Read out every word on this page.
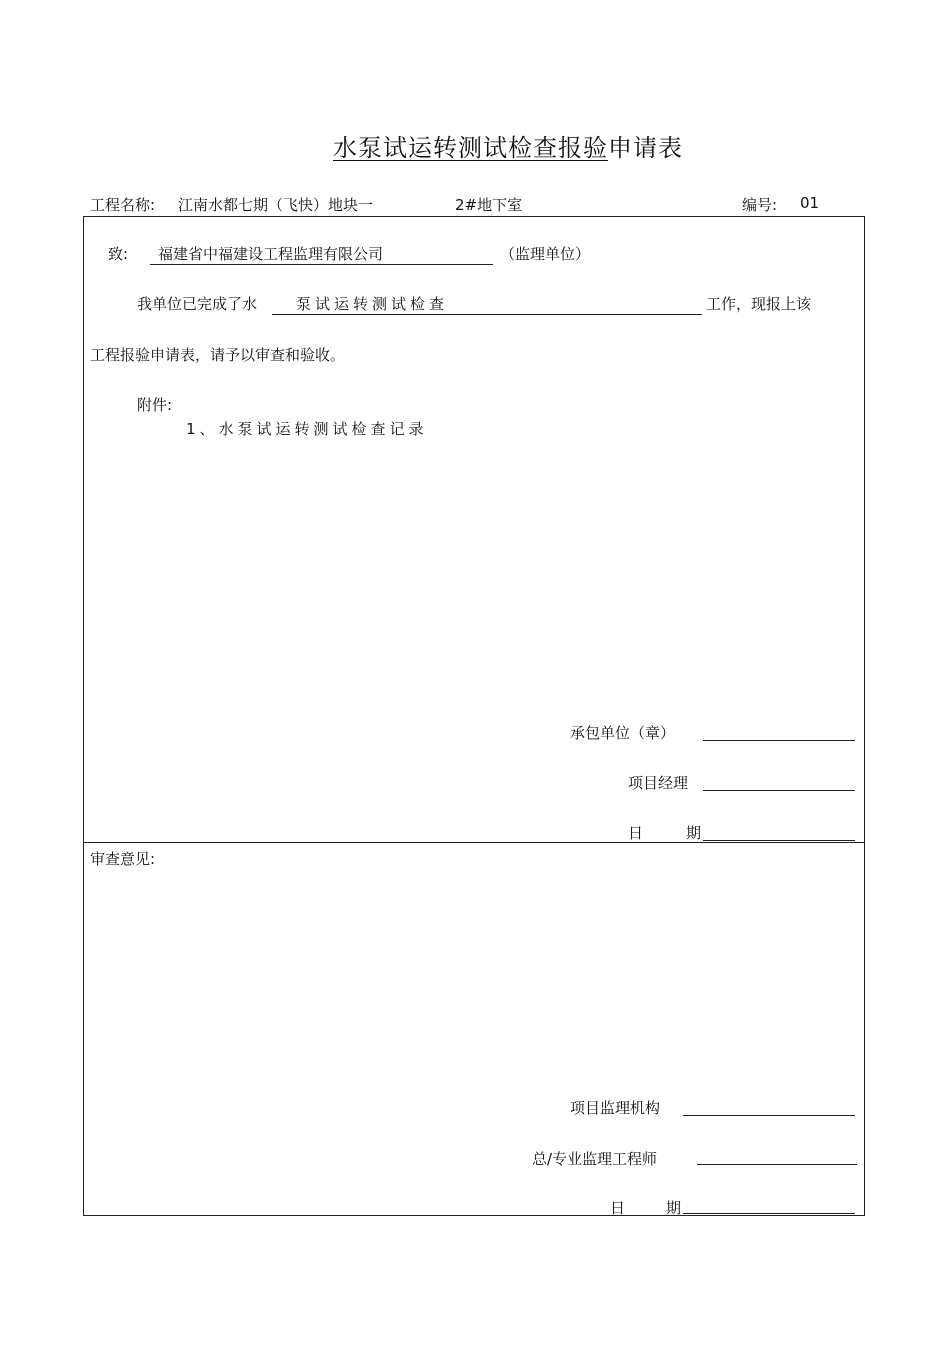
水泵试运转测试检查报验申请表
工程名称: 江南水都七期（飞快）地块一	2#地下室	编号: 01
致: 福建省中福建设工程监理有限公司	（监理单位）
我单位已完成了水	泵试运转测试检查	工作，现报上该
工程报验申请表，请予以审查和验收。
附件:
1、水泵试运转测试检查记录
承包单位（章）
项目经理
日	期
审查意见:
项目监理机构
总/专业监理工程师
日	期
